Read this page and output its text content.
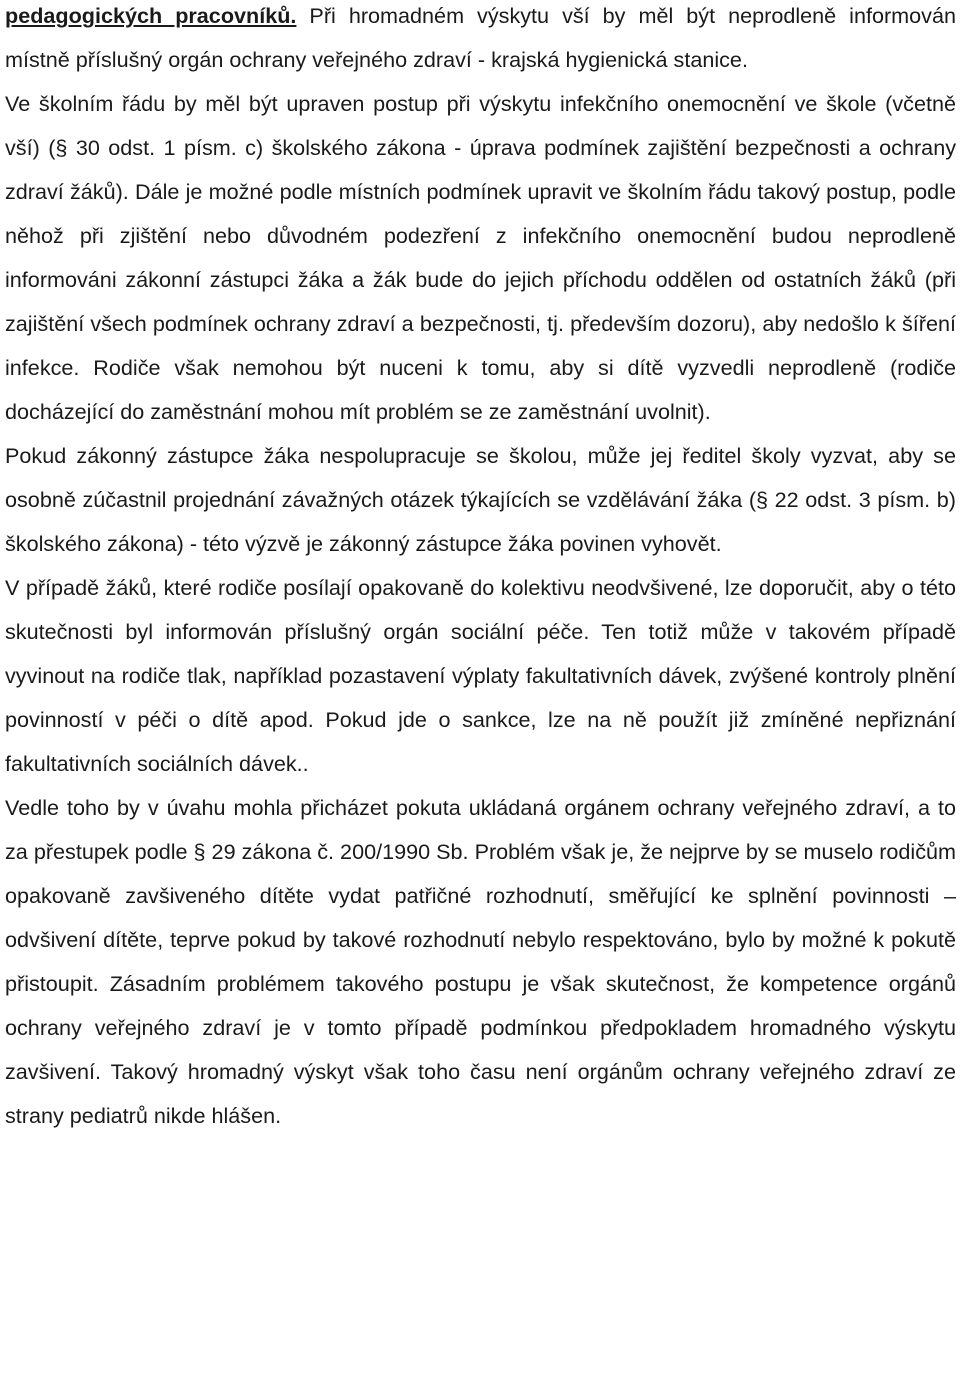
pedagogických pracovníků. Při hromadném výskytu vší by měl být neprodleně informován místně příslušný orgán ochrany veřejného zdraví - krajská hygienická stanice.

Ve školním řádu by měl být upraven postup při výskytu infekčního onemocnění ve škole (včetně vší) (§ 30 odst. 1 písm. c) školského zákona - úprava podmínek zajištění bezpečnosti a ochrany zdraví žáků). Dále je možné podle místních podmínek upravit ve školním řádu takový postup, podle něhož při zjištění nebo důvodném podezření z infekčního onemocnění budou neprodleně informováni zákonní zástupci žáka a žák bude do jejich příchodu oddělen od ostatních žáků (při zajištění všech podmínek ochrany zdraví a bezpečnosti, tj. především dozoru), aby nedošlo k šíření infekce. Rodiče však nemohou být nuceni k tomu, aby si dítě vyzvedli neprodleně (rodiče docházející do zaměstnání mohou mít problém se ze zaměstnání uvolnit).

Pokud zákonný zástupce žáka nespolupracuje se školou, může jej ředitel školy vyzvat, aby se osobně zúčastnil projednání závažných otázek týkajících se vzdělávání žáka (§ 22 odst. 3 písm. b) školského zákona) - této výzvě je zákonný zástupce žáka povinen vyhovět.

V případě žáků, které rodiče posílají opakovaně do kolektivu neodvšivené, lze doporučit, aby o této skutečnosti byl informován příslušný orgán sociální péče. Ten totiž může v takovém případě vyvinout na rodiče tlak, například pozastavení výplaty fakultativních dávek, zvýšené kontroly plnění povinností v péči o dítě apod. Pokud jde o sankce, lze na ně použít již zmíněné nepřiznání fakultativních sociálních dávek..

Vedle toho by v úvahu mohla přicházet pokuta ukládaná orgánem ochrany veřejného zdraví, a to za přestupek podle § 29 zákona č. 200/1990 Sb. Problém však je, že nejprve by se muselo rodičům opakovaně zavšiveného dítěte vydat patřičné rozhodnutí, směřující ke splnění povinnosti – odvšivení dítěte, teprve pokud by takové rozhodnutí nebylo respektováno, bylo by možné k pokutě přistoupit. Zásadním problémem takového postupu je však skutečnost, že kompetence orgánů ochrany veřejného zdraví je v tomto případě podmínkou předpokladem hromadného výskytu zavšivení. Takový hromadný výskyt však toho času není orgánům ochrany veřejného zdraví ze strany pediatrů nikde hlášen.
